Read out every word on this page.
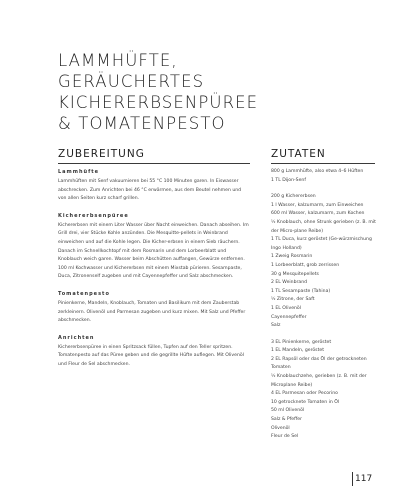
LAMMHÜFTE,
GERÄUCHERTES
KICHERERBSENPÜREE
& TOMATENPESTO
ZUBEREITUNG	ZUTATEN
Lammhüfte
Lammhüften mit Senf vakuumieren bei 55 °C 100 Minuten garen. In Eiswasser abschrecken. Zum Anrichten bei 46 °C erwärmen, aus dem Beutel nehmen und von allen Seiten kurz scharf grillen.
Kichererbsenpüree
Kichererbsen mit einem Liter Wasser über Nacht einweichen. Danach abseihen. Im Grill drei, vier Stücke Kohle anzünden. Die Mesquitte-pellets in Weinbrand einweichen und auf die Kohle legen. Die Kicher-erbsen in einem Sieb räuchern. Danach im Schnellkochtopf mit dem Rosmarin und dem Lorbeerblatt und Knoblauch weich garen. Wasser beim Abschütten auffangen, Gewürze entfernen. 100 ml Kochwasser und Kichererbsen mit einem Mixstab pürieren. Sesampaste, Duca, Zitronenself zugeben und mit Cayennepfeffer und Salz abschmecken.
Tomatenpesto
Pinienkerne, Mandeln, Knoblauch, Tomaten und Basilikum mit dem Zauberstab zerkleinern. Olivenöl und Parmesan zugeben und kurz mixen. Mit Salz und Pfeffer abschmecken.
Anrichten
Kichererbsenpüree in einen Spritzsack füllen, Tupfen auf den Teller spritzen. Tomatenpesto auf das Püree geben und die gegrillte Hüfte auflegen. Mit Olivenöl und Fleur de Sel abschmecken.
800 g Lammhüfte, also etwa 4–6 Hüften
1 TL Dijon-Senf
200 g Kichererbsen
1 l Wasser, kalzumarm, zum Einweichen
600 ml Wasser, kalzumarm, zum Kochen
½ Knoblauch, ohne Strunk gerieben (z. B. mit der Micro-plane Reibe)
1 TL Duca, kurz geröstet (Ge-würzmischung Ingo Holland)
1 Zweig Rosmarin
1 Lorbeerblatt, grob zerrissen
30 g Mesquitepellets
2 EL Weinbrand
1 TL Sesampaste (Tahina)
½ Zitrone, der Saft
1 EL Olivenöl
Cayennepfeffer
Salz
3 EL Pinienkerne, geröstet
1 EL Mandeln, geröstet
2 EL Rapsöl oder das Öl der getrockneten Tomaten
½ Knoblauchzehe, gerieben (z. B. mit der Microplane Reibe)
4 EL Parmesan oder Pecorino
10 getrocknete Tomaten in Öl
50 ml Olivenöl
Salz & Pfeffer
Olivenöl
Fleur de Sel
117
